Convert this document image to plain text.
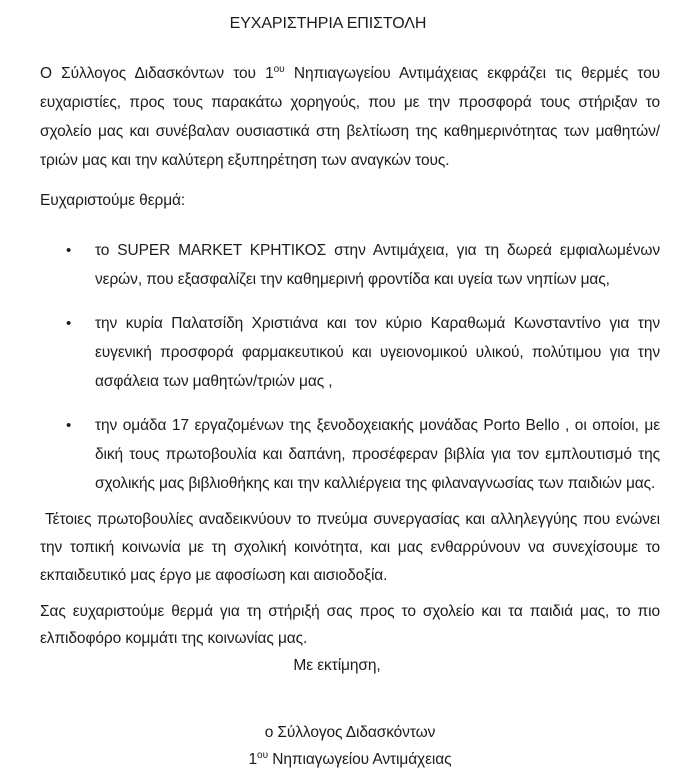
ΕΥΧΑΡΙΣΤΗΡΙΑ ΕΠΙΣΤΟΛΗ

Ο Σύλλογος Διδασκόντων του $1^{o\upsilon}$ Νηπιαγωγείου Αντιμάχειας εκφράζει τις θερμές του ευχαριστίες, προς τους παρακάτω χορηγούς, που με την προσφορά τους στήριξαν το σχολείο μας και συνέβαλαν ουσιαστικά στη βελτίωση της καθημερινότητας των μαθητών/τριών μας και την καλύτερη εξυπηρέτηση των αναγκών τους.

Ευχαριστούμε θερμά:

•	το SUPER MARKET ΚΡΗΤΙΚΟΣ στην Αντιμάχεια, για τη δωρεά εμφιαλωμένων νερών, που εξασφαλίζει την καθημερινή φροντίδα και υγεία των νηπίων μας,
•	την κυρία Παλατσίδη Χριστιάνα και τον κύριο Καραθωμά Κωνσταντίνο για την ευγενική προσφορά φαρμακευτικού και υγειονομικού υλικού, πολύτιμου για την ασφάλεια των μαθητών/τριών μας ,
•	την ομάδα 17 εργαζομένων της ξενοδοχειακής μονάδας Porto Bello , οι οποίοι, με δική τους πρωτοβουλία και δαπάνη, προσέφεραν βιβλία για τον εμπλουτισμό της σχολικής μας βιβλιοθήκης και την καλλιέργεια της φιλαναγνωσίας των παιδιών μας.

Τέτοιες πρωτοβουλίες αναδεικνύουν το πνεύμα συνεργασίας και αλληλεγγύης που ενώνει την τοπική κοινωνία με τη σχολική κοινότητα, και μας ενθαρρύνουν να συνεχίσουμε το εκπαιδευτικό μας έργο με αφοσίωση και αισιοδοξία.

Σας ευχαριστούμε θερμά για τη στήριξή σας προς το σχολείο και τα παιδιά μας, το πιο ελπιδοφόρο κομμάτι της κοινωνίας μας.

Με εκτίμηση,

ο Σύλλογος Διδασκόντων
$1^{o\upsilon}$ Νηπιαγωγείου Αντιμάχειας
